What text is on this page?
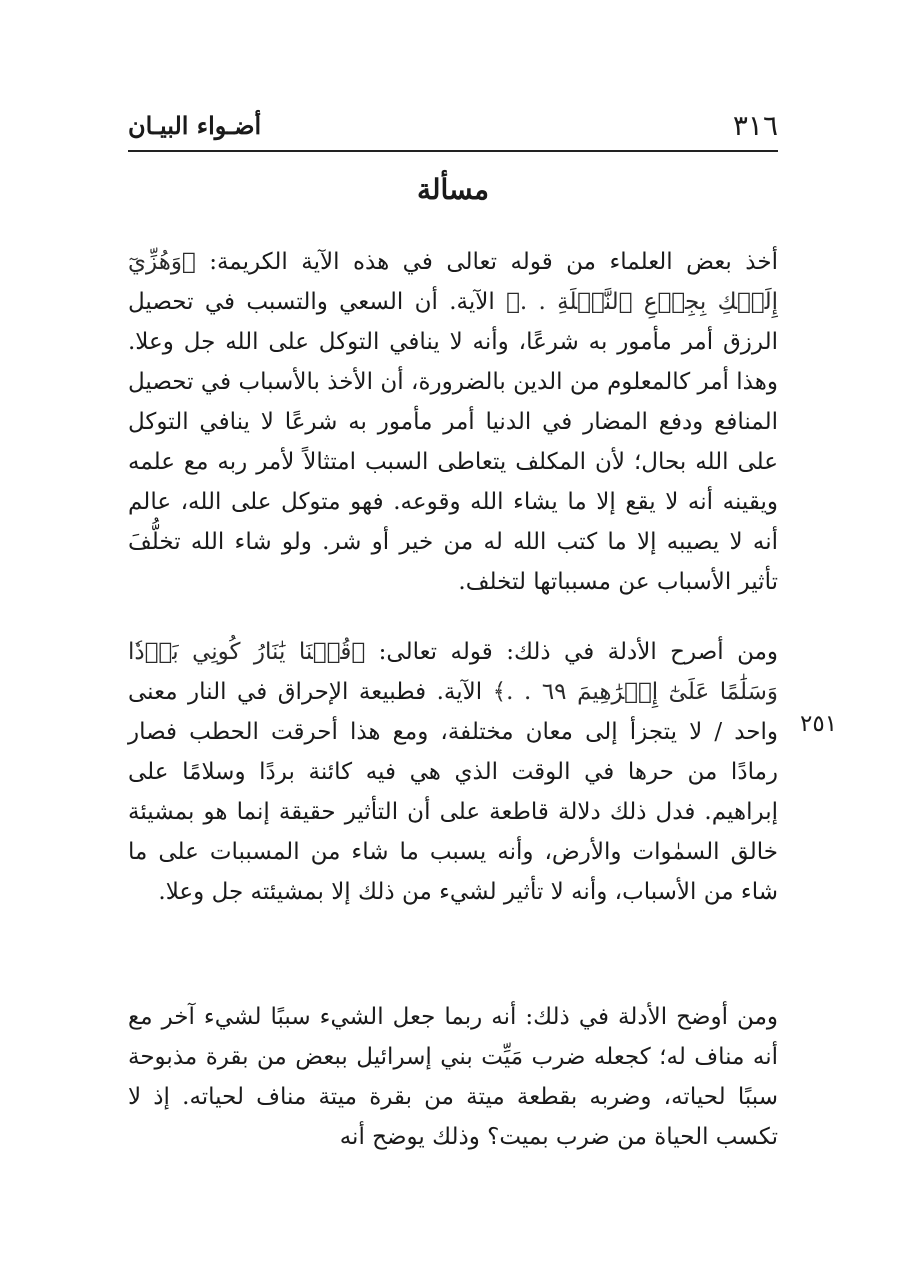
٣١٦
أضـواء البيـان
مسألة

أخذ بعض العلماء من قوله تعالى في هذه الآية الكريمة: ﴿وَهُزِّيٓ إِلَيۡكِ بِجِذۡعِ ٱلنَّخۡلَةِ . .﴾ الآية. أن السعي والتسبب في تحصيل الرزق أمر مأمور به شرعًا، وأنه لا ينافي التوكل على الله جل وعلا. وهذا أمر كالمعلوم من الدين بالضرورة، أن الأخذ بالأسباب في تحصيل المنافع ودفع المضار في الدنيا أمر مأمور به شرعًا لا ينافي التوكل على الله بحال؛ لأن المكلف يتعاطى السبب امتثالاً لأمر ربه مع علمه ويقينه أنه لا يقع إلا ما يشاء الله وقوعه. فهو متوكل على الله، عالم أنه لا يصيبه إلا ما كتب الله له من خير أو شر. ولو شاء الله تخلُّفَ تأثير الأسباب عن مسبباتها لتخلف.

ومن أصرح الأدلة في ذلك: قوله تعالى: ﴿قُلۡنَا يَٰنَارُ كُونِي بَرۡدٗا وَسَلَٰمًا عَلَىٰٓ إِبۡرَٰهِيمَ ٦٩ . .﴾ الآية. فطبيعة الإحراق في النار معنى واحد / لا يتجزأ إلى معان مختلفة، ومع هذا أحرقت الحطب فصار رمادًا من حرها في الوقت الذي هي فيه كائنة بردًا وسلامًا على إبراهيم. فدل ذلك دلالة قاطعة على أن التأثير حقيقة إنما هو بمشيئة خالق السمٰوات والأرض، وأنه يسبب ما شاء من المسببات على ما شاء من الأسباب، وأنه لا تأثير لشيء من ذلك إلا بمشيئته جل وعلا.

ومن أوضح الأدلة في ذلك: أنه ربما جعل الشيء سببًا لشيء آخر مع أنه مناف له؛ كجعله ضرب مَيِّت بني إسرائيل ببعض من بقرة مذبوحة سببًا لحياته، وضربه بقطعة ميتة من بقرة ميتة مناف لحياته. إذ لا تكسب الحياة من ضرب بميت؟ وذلك يوضح أنه

٢٥١
